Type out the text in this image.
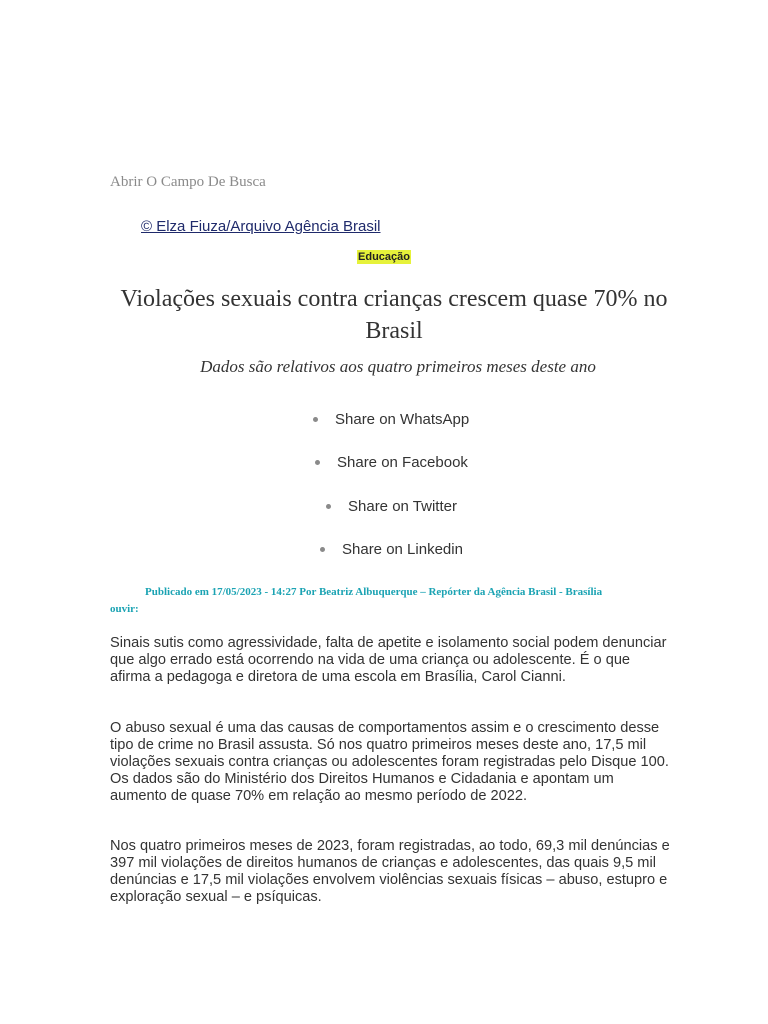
Abrir O Campo De Busca
© Elza Fiuza/Arquivo Agência Brasil
Educação
Violações sexuais contra crianças crescem quase 70% no Brasil
Dados são relativos aos quatro primeiros meses deste ano
Share on WhatsApp
Share on Facebook
Share on Twitter
Share on Linkedin
Publicado em 17/05/2023 - 14:27 Por Beatriz Albuquerque – Repórter da Agência Brasil - Brasília
ouvir:

Sinais sutis como agressividade, falta de apetite e isolamento social podem denunciar que algo errado está ocorrendo na vida de uma criança ou adolescente. É o que afirma a pedagoga e diretora de uma escola em Brasília, Carol Cianni.

O abuso sexual é uma das causas de comportamentos assim e o crescimento desse tipo de crime no Brasil assusta. Só nos quatro primeiros meses deste ano, 17,5 mil violações sexuais contra crianças ou adolescentes foram registradas pelo Disque 100. Os dados são do Ministério dos Direitos Humanos e Cidadania e apontam um aumento de quase 70% em relação ao mesmo período de 2022.

Nos quatro primeiros meses de 2023, foram registradas, ao todo, 69,3 mil denúncias e 397 mil violações de direitos humanos de crianças e adolescentes, das quais 9,5 mil denúncias e 17,5 mil violações envolvem violências sexuais físicas – abuso, estupro e exploração sexual – e psíquicas.
